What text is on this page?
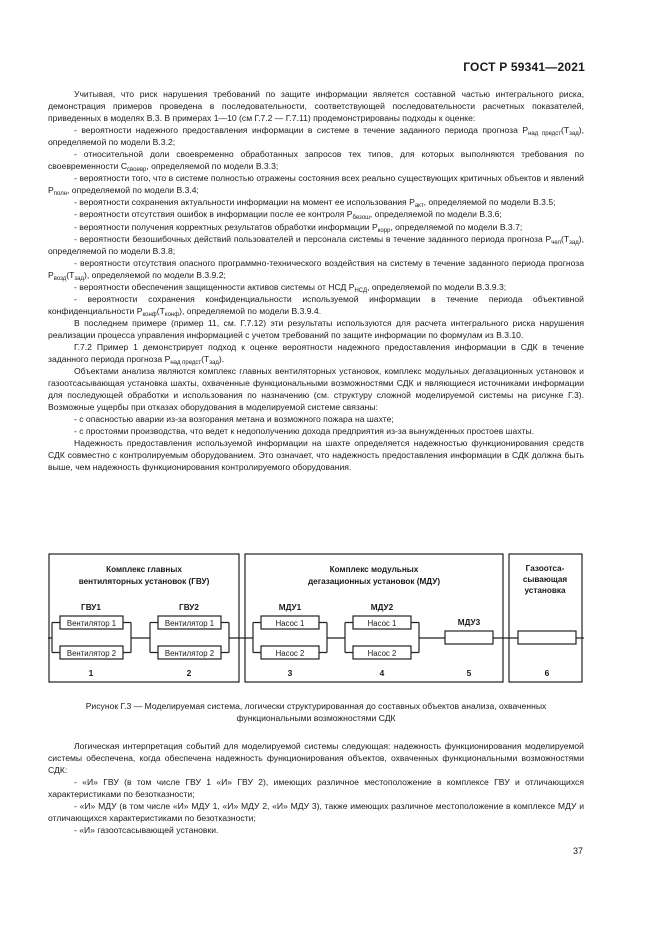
ГОСТ Р 59341—2021

Учитывая, что риск нарушения требований по защите информации является составной частью интегрального риска, демонстрация примеров проведена в последовательности, соответствующей последовательности расчетных показателей, приведенных в моделях В.3. В примерах 1—10 (см Г.7.2 — Г.7.11) продемонстрированы подходы к оценке:

- вероятности надежного предоставления информации в системе в течение заданного периода прогноза $P_{над предст}(T_{зад})$, определяемой по модели В.3.2;

- относительной доли своевременно обработанных запросов тех типов, для которых выполняются требования по своевременности $C_{своевр}$, определяемой по модели В.3.3;

- вероятности того, что в системе полностью отражены состояния всех реально существующих критичных объектов и явлений $P_{полн}$, определяемой по модели В.3.4;

- вероятности сохранения актуальности информации на момент ее использования $P_{акт}$, определяемой по модели В.3.5;

- вероятности отсутствия ошибок в информации после ее контроля $P_{безош}$, определяемой по модели В.3.6;

- вероятности получения корректных результатов обработки информации $P_{корр}$, определяемой по модели В.3.7;

- вероятности безошибочных действий пользователей и персонала системы в течение заданного периода прогноза $P_{чел}(T_{зад})$, определяемой по модели В.3.8;

- вероятности отсутствия опасного программно-технического воздействия на систему в течение заданного периода прогноза $P_{возд}(T_{зад})$, определяемой по модели В.3.9.2;

- вероятности обеспечения защищенности активов системы от НСД $P_{НСД}$, определяемой по модели В.3.9.3;

- вероятности сохранения конфиденциальности используемой информации в течение периода объективной конфиденциальности $P_{конф}(T_{конф})$, определяемой по модели В.3.9.4.

В последнем примере (пример 11, см. Г.7.12) эти результаты используются для расчета интегрального риска нарушения реализации процесса управления информацией с учетом требований по защите информации по формулам из В.3.10.

Г.7.2 Пример 1 демонстрирует подход к оценке вероятности надежного предоставления информации в СДК в течение заданного периода прогноза $P_{над предст}(T_{зад})$.

Объектами анализа являются комплекс главных вентиляторных установок, комплекс модульных дегазационных установок и газоотсасывающая установка шахты, охваченные функциональными возможностями СДК и являющиеся источниками информации для последующей обработки и использования по назначению (см. структуру сложной моделируемой системы на рисунке Г.3). Возможные ущербы при отказах оборудования в моделируемой системе связаны:

- с опасностью аварии из-за возгорания метана и возможного пожара на шахте;

- с простоями производства, что ведет к недополучению дохода предприятия из-за вынужденных простоев шахты.

Надежность предоставления используемой информации на шахте определяется надежностью функционирования средств СДК совместно с контролируемым оборудованием. Это означает, что надежность предоставления информации в СДК должна быть выше, чем надежность функционирования контролируемого оборудования.

Комплекс главных
вентиляторных установок (ГВУ)
Комплекс модульных
дегазационных установок (МДУ)
Газоотса-
сывающая
установка
ГВУ1	ГВУ2	МДУ1	МДУ2
МДУ3
Вентилятор 1
Вентилятор 2
Вентилятор 1
Вентилятор 2
Насос 1
Насос 2
Насос 1
Насос 2
1	2	3	4	5	6
Рисунок Г.3 — Моделируемая система, логически структурированная до составных объектов анализа, охваченных
функциональными возможностями СДК

Логическая интерпретация событий для моделируемой системы следующая: надежность функционирования моделируемой системы обеспечена, когда обеспечена надежность функционирования объектов, охваченных функциональными возможностями СДК:

- «И» ГВУ (в том числе ГВУ 1 «И» ГВУ 2), имеющих различное местоположение в комплексе ГВУ и отличающихся характеристиками по безотказности;

- «И» МДУ (в том числе «И» МДУ 1, «И» МДУ 2, «И» МДУ 3), также имеющих различное местоположение в комплексе МДУ и отличающихся характеристиками по безотказности;

- «И» газоотсасывающей установки.

37
